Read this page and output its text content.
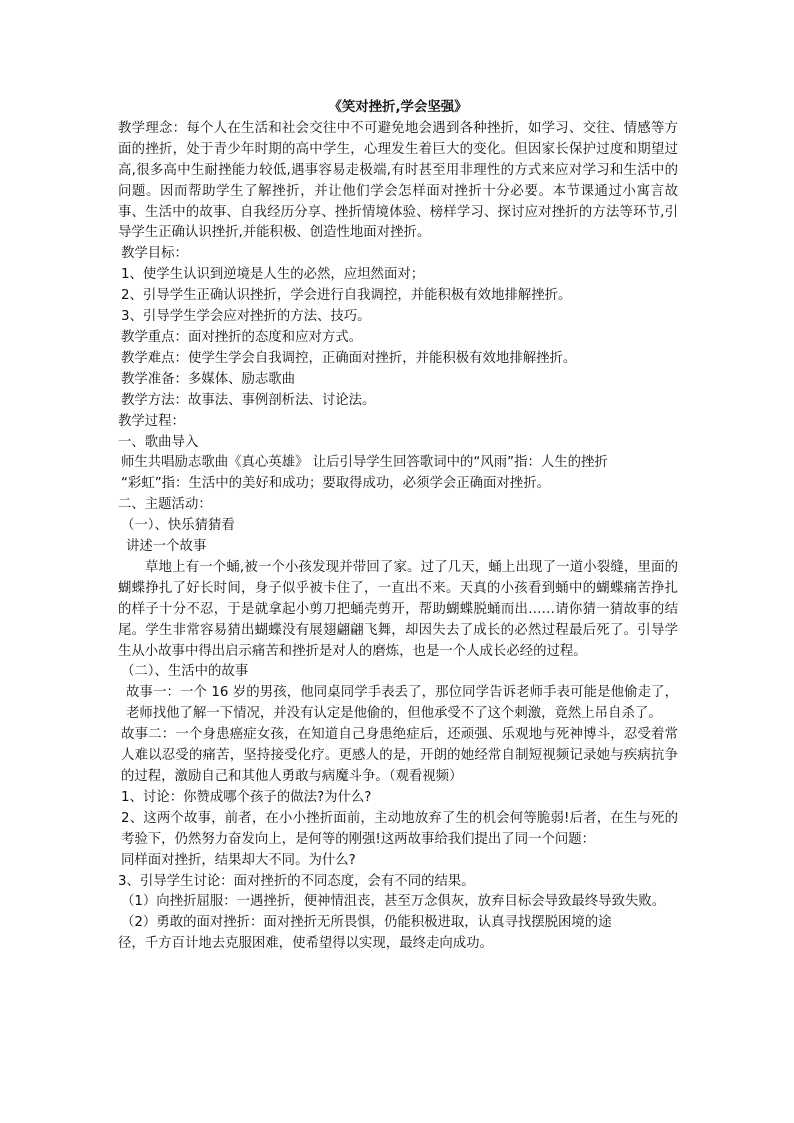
《笑对挫折,学会坚强》

教学理念：每个人在生活和社会交往中不可避免地会遇到各种挫折，如学习、交往、情感等方面的挫折，处于青少年时期的高中学生，心理发生着巨大的变化。但因家长保护过度和期望过高,很多高中生耐挫能力较低,遇事容易走极端,有时甚至用非理性的方式来应对学习和生活中的问题。因而帮助学生了解挫折，并让他们学会怎样面对挫折十分必要。本节课通过小寓言故事、生活中的故事、自我经历分享、挫折情境体验、榜样学习、探讨应对挫折的方法等环节,引导学生正确认识挫折,并能积极、创造性地面对挫折。

教学目标：

1、使学生认识到逆境是人生的必然，应坦然面对；

2、引导学生正确认识挫折，学会进行自我调控，并能积极有效地排解挫折。

3、引导学生学会应对挫折的方法、技巧。

教学重点：面对挫折的态度和应对方式。

教学难点：使学生学会自我调控，正确面对挫折，并能积极有效地排解挫折。

教学准备：多媒体、励志歌曲

教学方法：故事法、事例剖析法、讨论法。

教学过程：

一、歌曲导入

师生共唱励志歌曲《真心英雄》 让后引导学生回答歌词中的“风雨”指：人生的挫折

“彩虹”指：生活中的美好和成功；要取得成功，必须学会正确面对挫折。

二、主题活动：

（一）、快乐猜猜看

讲述一个故事

草地上有一个蛹,被一个小孩发现并带回了家。过了几天，蛹上出现了一道小裂缝，里面的蝴蝶挣扎了好长时间，身子似乎被卡住了，一直出不来。天真的小孩看到蛹中的蝴蝶痛苦挣扎的样子十分不忍，于是就拿起小剪刀把蛹壳剪开，帮助蝴蝶脱蛹而出……请你猜一猜故事的结尾。学生非常容易猜出蝴蝶没有展翅翩翩飞舞，却因失去了成长的必然过程最后死了。引导学生从小故事中得出启示痛苦和挫折是对人的磨炼，也是一个人成长必经的过程。

（二）、生活中的故事

故事一：一个 16 岁的男孩，他同桌同学手表丢了，那位同学告诉老师手表可能是他偷走了，老师找他了解一下情况，并没有认定是他偷的，但他承受不了这个刺激，竟然上吊自杀了。

故事二：一个身患癌症女孩，在知道自己身患绝症后，还顽强、乐观地与死神博斗，忍受着常人难以忍受的痛苦，坚持接受化疗。更感人的是，开朗的她经常自制短视频记录她与疾病抗争的过程，激励自己和其他人勇敢与病魔斗争。（观看视频）

1、讨论：你赞成哪个孩子的做法?为什么?

2、这两个故事，前者，在小小挫折面前，主动地放弃了生的机会何等脆弱!后者，在生与死的考验下，仍然努力奋发向上，是何等的刚强!这两故事给我们提出了同一个问题：

同样面对挫折，结果却大不同。为什么?

3、引导学生讨论：面对挫折的不同态度，会有不同的结果。

（1）向挫折屈服：一遇挫折，便神情沮丧，甚至万念俱灰，放弃目标会导致最终导致失败。

（2）勇敢的面对挫折：面对挫折无所畏惧，仍能积极进取，认真寻找摆脱困境的途

径，千方百计地去克服困难，使希望得以实现，最终走向成功。
